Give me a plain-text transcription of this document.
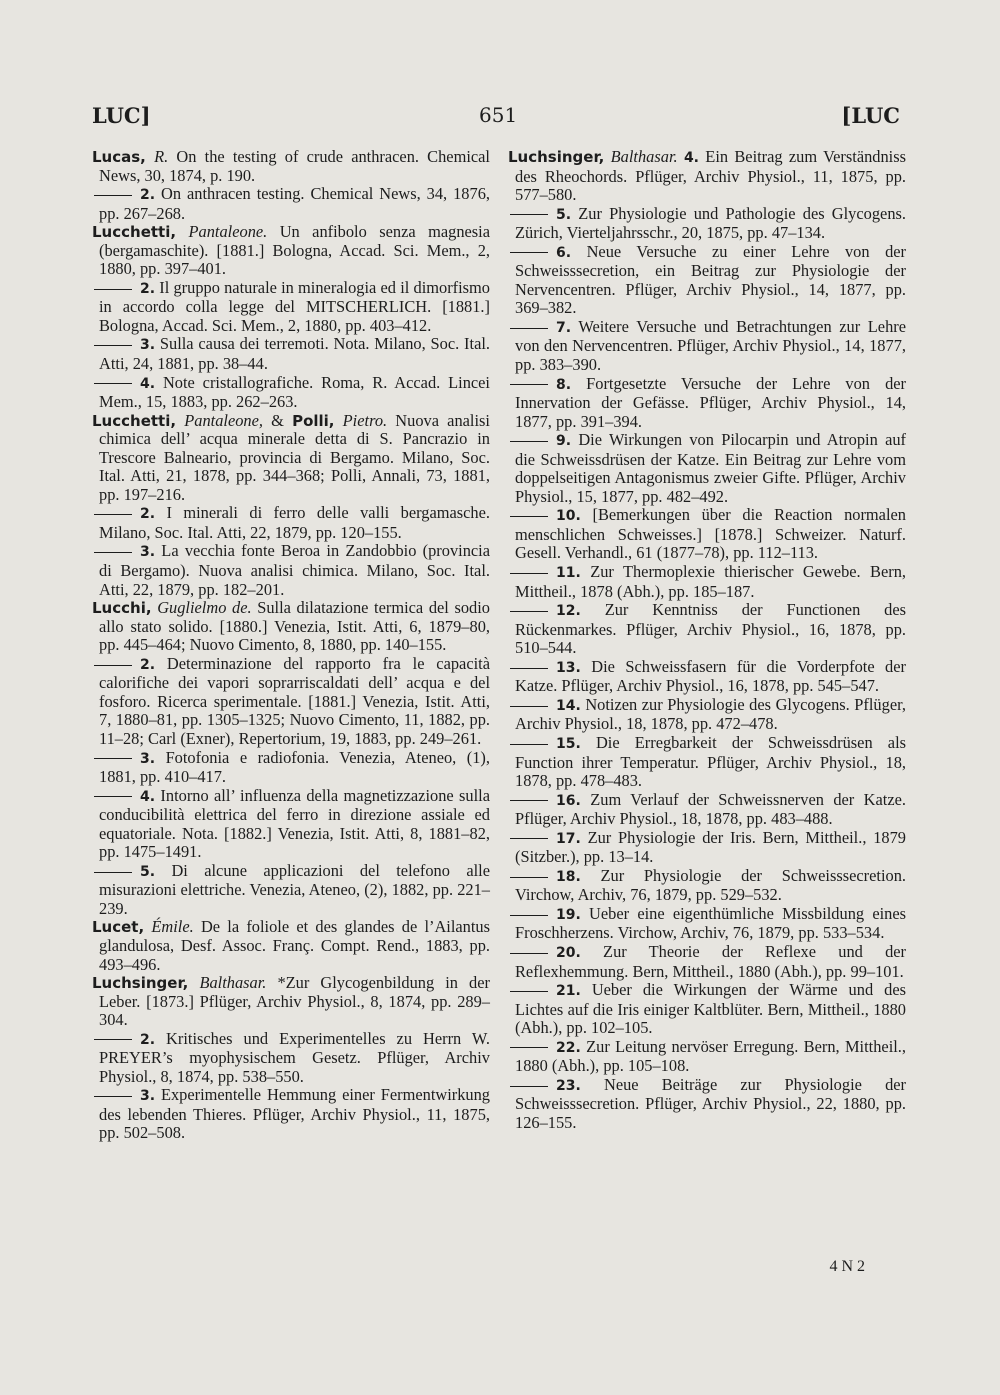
LUC]	651	[LUC

Lucas, R. On the testing of crude anthracen. Chemical News, 30, 1874, p. 190.

2. On anthracen testing. Chemical News, 34, 1876, pp. 267–268.

Lucchetti, Pantaleone. Un anfibolo senza magnesia (bergamaschite). [1881.] Bologna, Accad. Sci. Mem., 2, 1880, pp. 397–401.

2. Il gruppo naturale in mineralogia ed il dimorfismo in accordo colla legge del MITSCHERLICH. [1881.] Bologna, Accad. Sci. Mem., 2, 1880, pp. 403–412.

3. Sulla causa dei terremoti. Nota. Milano, Soc. Ital. Atti, 24, 1881, pp. 38–44.

4. Note cristallografiche. Roma, R. Accad. Lincei Mem., 15, 1883, pp. 262–263.

Lucchetti, Pantaleone, & Polli, Pietro. Nuova analisi chimica dell’ acqua minerale detta di S. Pancrazio in Trescore Balneario, provincia di Bergamo. Milano, Soc. Ital. Atti, 21, 1878, pp. 344–368; Polli, Annali, 73, 1881, pp. 197–216.

2. I minerali di ferro delle valli bergamasche. Milano, Soc. Ital. Atti, 22, 1879, pp. 120–155.

3. La vecchia fonte Beroa in Zandobbio (provincia di Bergamo). Nuova analisi chimica. Milano, Soc. Ital. Atti, 22, 1879, pp. 182–201.

Lucchi, Guglielmo de. Sulla dilatazione termica del sodio allo stato solido. [1880.] Venezia, Istit. Atti, 6, 1879–80, pp. 445–464; Nuovo Cimento, 8, 1880, pp. 140–155.

2. Determinazione del rapporto fra le capacità calorifiche dei vapori soprarriscaldati dell’ acqua e del fosforo. Ricerca sperimentale. [1881.] Venezia, Istit. Atti, 7, 1880–81, pp. 1305–1325; Nuovo Cimento, 11, 1882, pp. 11–28; Carl (Exner), Repertorium, 19, 1883, pp. 249–261.

3. Fotofonia e radiofonia. Venezia, Ateneo, (1), 1881, pp. 410–417.

4. Intorno all’ influenza della magnetizzazione sulla conducibilità elettrica del ferro in direzione assiale ed equatoriale. Nota. [1882.] Venezia, Istit. Atti, 8, 1881–82, pp. 1475–1491.

5. Di alcune applicazioni del telefono alle misurazioni elettriche. Venezia, Ateneo, (2), 1882, pp. 221–239.

Lucet, Émile. De la foliole et des glandes de l’Ailantus glandulosa, Desf. Assoc. Franç. Compt. Rend., 1883, pp. 493–496.

Luchsinger, Balthasar. *Zur Glycogenbildung in der Leber. [1873.] Pflüger, Archiv Physiol., 8, 1874, pp. 289–304.

2. Kritisches und Experimentelles zu Herrn W. PREYER’s myophysischem Gesetz. Pflüger, Archiv Physiol., 8, 1874, pp. 538–550.

3. Experimentelle Hemmung einer Fermentwirkung des lebenden Thieres. Pflüger, Archiv Physiol., 11, 1875, pp. 502–508.

Luchsinger, Balthasar. 4. Ein Beitrag zum Verständniss des Rheochords. Pflüger, Archiv Physiol., 11, 1875, pp. 577–580.

5. Zur Physiologie und Pathologie des Glycogens. Zürich, Vierteljahrsschr., 20, 1875, pp. 47–134.

6. Neue Versuche zu einer Lehre von der Schweisssecretion, ein Beitrag zur Physiologie der Nervencentren. Pflüger, Archiv Physiol., 14, 1877, pp. 369–382.

7. Weitere Versuche und Betrachtungen zur Lehre von den Nervencentren. Pflüger, Archiv Physiol., 14, 1877, pp. 383–390.

8. Fortgesetzte Versuche der Lehre von der Innervation der Gefässe. Pflüger, Archiv Physiol., 14, 1877, pp. 391–394.

9. Die Wirkungen von Pilocarpin und Atropin auf die Schweissdrüsen der Katze. Ein Beitrag zur Lehre vom doppelseitigen Antagonismus zweier Gifte. Pflüger, Archiv Physiol., 15, 1877, pp. 482–492.

10. [Bemerkungen über die Reaction normalen menschlichen Schweisses.] [1878.] Schweizer. Naturf. Gesell. Verhandl., 61 (1877–78), pp. 112–113.

11. Zur Thermoplexie thierischer Gewebe. Bern, Mittheil., 1878 (Abh.), pp. 185–187.

12. Zur Kenntniss der Functionen des Rückenmarkes. Pflüger, Archiv Physiol., 16, 1878, pp. 510–544.

13. Die Schweissfasern für die Vorderpfote der Katze. Pflüger, Archiv Physiol., 16, 1878, pp. 545–547.

14. Notizen zur Physiologie des Glycogens. Pflüger, Archiv Physiol., 18, 1878, pp. 472–478.

15. Die Erregbarkeit der Schweissdrüsen als Function ihrer Temperatur. Pflüger, Archiv Physiol., 18, 1878, pp. 478–483.

16. Zum Verlauf der Schweissnerven der Katze. Pflüger, Archiv Physiol., 18, 1878, pp. 483–488.

17. Zur Physiologie der Iris. Bern, Mittheil., 1879 (Sitzber.), pp. 13–14.

18. Zur Physiologie der Schweisssecretion. Virchow, Archiv, 76, 1879, pp. 529–532.

19. Ueber eine eigenthümliche Missbildung eines Froschherzens. Virchow, Archiv, 76, 1879, pp. 533–534.

20. Zur Theorie der Reflexe und der Reflexhemmung. Bern, Mittheil., 1880 (Abh.), pp. 99–101.

21. Ueber die Wirkungen der Wärme und des Lichtes auf die Iris einiger Kaltblüter. Bern, Mittheil., 1880 (Abh.), pp. 102–105.

22. Zur Leitung nervöser Erregung. Bern, Mittheil., 1880 (Abh.), pp. 105–108.

23. Neue Beiträge zur Physiologie der Schweisssecretion. Pflüger, Archiv Physiol., 22, 1880, pp. 126–155.

4 N 2
